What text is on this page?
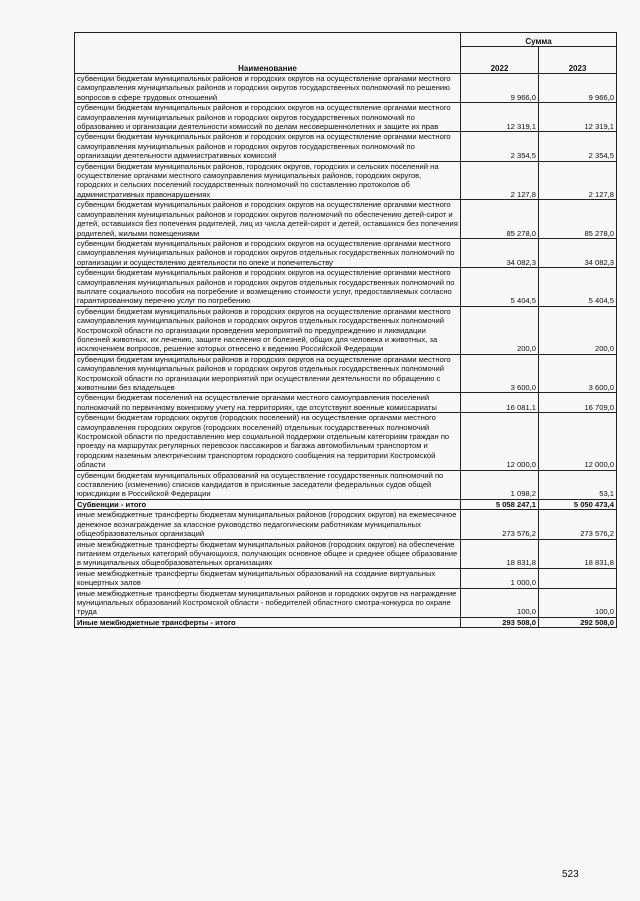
Наименование	Сумма	
	2022	2023
субвенции бюджетам муниципальных районов и городских округов на осуществление органами местного самоуправления муниципальных районов и городских округов государственных полномочий по решению вопросов в сфере трудовых отношений	9 966,0	9 966,0
субвенции бюджетам муниципальных районов и городских округов на осуществление органами местного самоуправления муниципальных районов и городских округов государственных полномочий по образованию и организации деятельности комиссий по делам несовершеннолетних и защите их прав	12 319,1	12 319,1
субвенции бюджетам муниципальных районов и городских округов на осуществление органами местного самоуправления муниципальных районов и городских округов государственных полномочий по организации деятельности административных комиссий	2 354,5	2 354,5
субвенции бюджетам муниципальных районов, городских округов, городских и сельских поселений на осуществление органами местного самоуправления муниципальных районов, городских округов, городских и сельских поселений государственных полномочий по составлению протоколов об административных правонарушениях	2 127,8	2 127,8
субвенции бюджетам муниципальных районов и городских округов на осуществление органами местного самоуправления муниципальных районов и городских округов полномочий по обеспечению детей-сирот и детей, оставшихся без попечения родителей, лиц из числа детей-сирот и детей, оставшихся без попечения родителей, жилыми помещениями	85 278,0	85 278,0
субвенции бюджетам муниципальных районов и городских округов на осуществление органами местного самоуправления муниципальных районов и городских округов отдельных государственных полномочий по организации и осуществлению деятельности по опеке и попечительству	34 082,3	34 082,3
субвенции бюджетам муниципальных районов и городских округов на осуществление органами местного самоуправления муниципальных районов и городских округов отдельных государственных полномочий по выплате социального пособия на погребение и возмещению стоимости услуг, предоставляемых согласно гарантированному перечню услуг по погребению	5 404,5	5 404,5
субвенции бюджетам муниципальных районов и городских округов на осуществление органами местного самоуправления муниципальных районов и городских округов отдельных государственных полномочий Костромской области по организации проведения мероприятий по предупреждению и ликвидации болезней животных, их лечению, защите населения от болезней, общих для человека и животных, за исключением вопросов, решение которых отнесено к ведению Российской Федерации	200,0	200,0
субвенции бюджетам муниципальных районов и городских округов на осуществление органами местного самоуправления муниципальных районов и городских округов отдельных государственных полномочий Костромской области по организации мероприятий при осуществлении деятельности по обращению с животными без владельцев	3 600,0	3 600,0
субвенции бюджетам поселений на осуществление органами местного самоуправления поселений полномочий по первичному воинскому учету на территориях, где отсутствуют военные комиссариаты	16 081,1	16 709,0
субвенции бюджетам городских округов (городских поселений) на осуществление органами местного самоуправления городских округов (городских поселений) отдельных государственных полномочий Костромской области по предоставлению мер социальной поддержки отдельным категориям граждан по проезду на маршрутах регулярных перевозок пассажиров и багажа автомобильным транспортом и городским наземным электрическим транспортом городского сообщения на территории Костромской области	12 000,0	12 000,0
субвенции бюджетам муниципальных образований на осуществление государственных полномочий по составлению (изменению) списков кандидатов в присяжные заседатели федеральных судов общей юрисдикции в Российской Федерации	1 098,2	53,1
Субвенции - итого	5 058 247,1	5 050 473,4
иные межбюджетные трансферты бюджетам муниципальных районов (городских округов) на ежемесячное денежное вознаграждение за классное руководство педагогическим работникам муниципальных общеобразовательных организаций	273 576,2	273 576,2
иные межбюджетные трансферты бюджетам муниципальных районов (городских округов) на обеспечение питанием отдельных категорий обучающихся, получающих основное общее и среднее общее образование в муниципальных общеобразовательных организациях	18 831,8	18 831,8
иные межбюджетные трансферты бюджетам муниципальных образований на создание виртуальных концертных залов	1 000,0	
иные межбюджетные трансферты бюджетам муниципальных районов и городских округов на награждение муниципальных образований Костромской области - победителей областного смотра-конкурса по охране труда	100,0	100,0
Иные межбюджетные трансферты - итого	293 508,0	292 508,0
523
